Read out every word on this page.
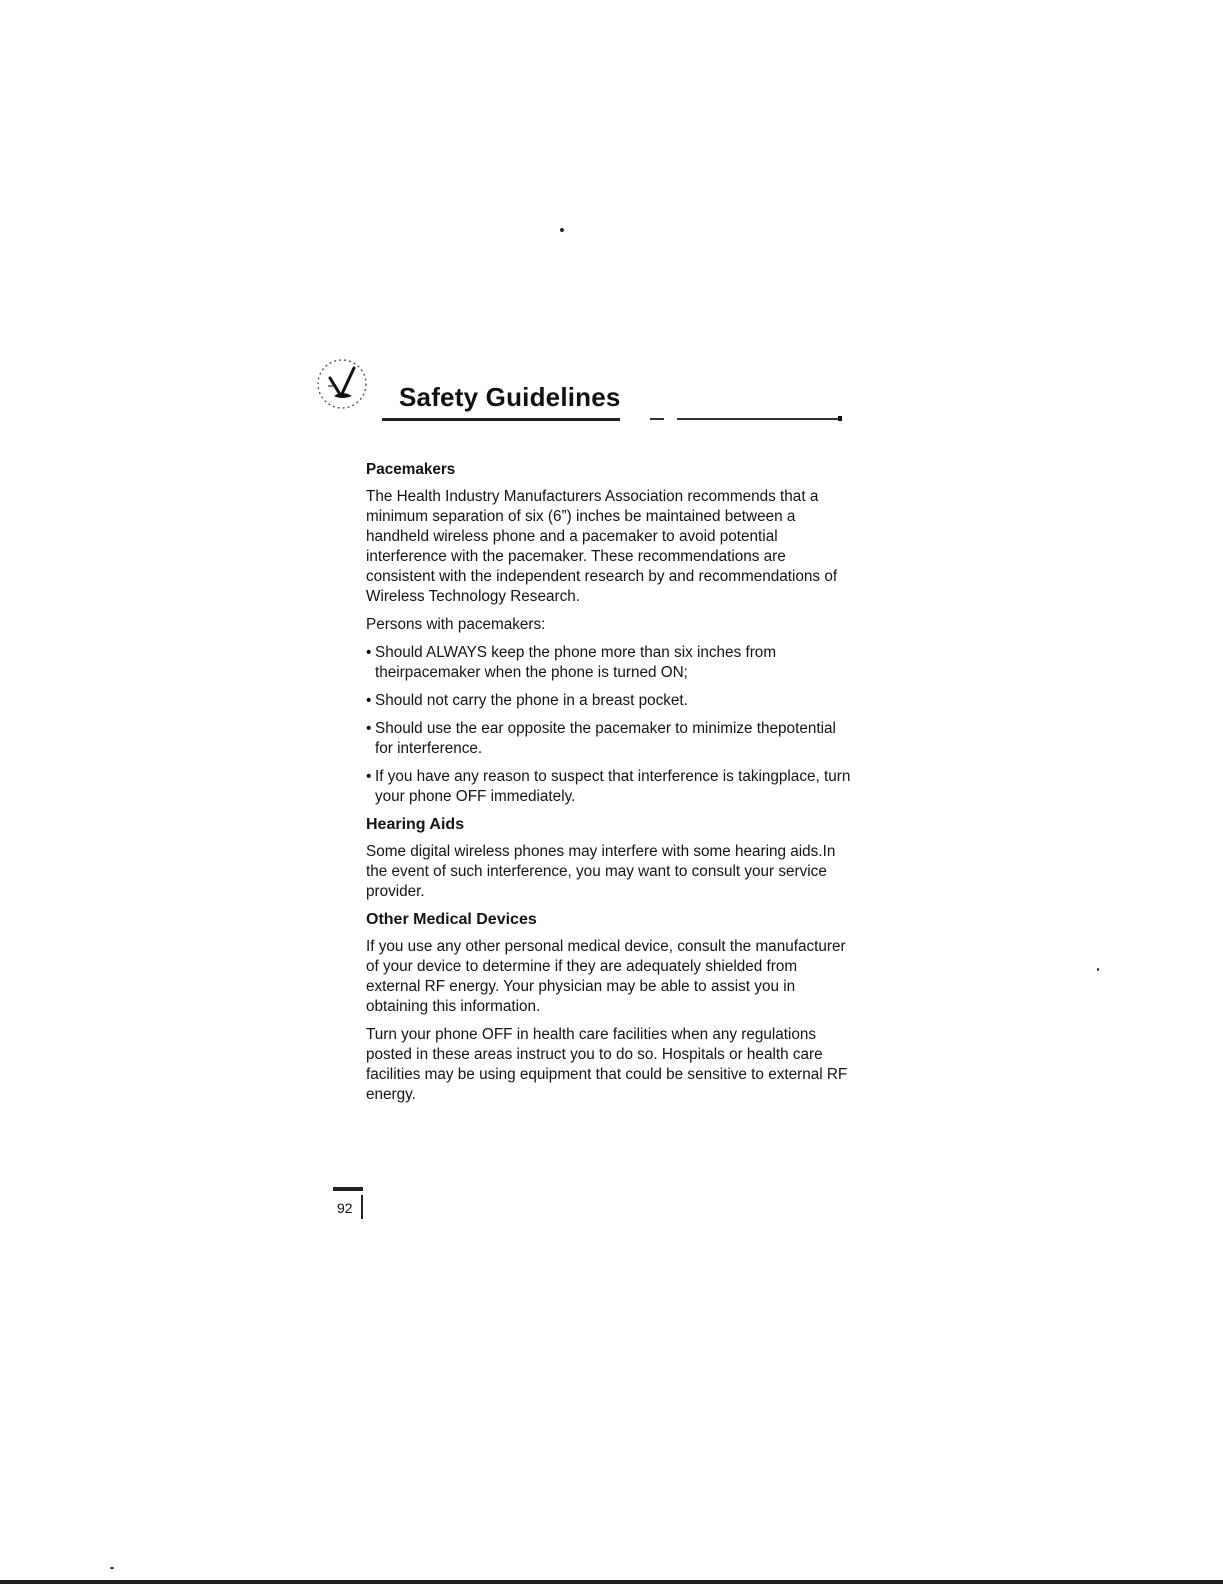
Safety Guidelines
Pacemakers

The Health Industry Manufacturers Association recommends that a minimum separation of six (6”) inches be maintained between a handheld wireless phone and a pacemaker to avoid potential interference with the pacemaker. These recommendations are consistent with the independent research by and recommendations of Wireless Technology Research.

Persons with pacemakers:

• Should ALWAYS keep the phone more than six inches from theirpacemaker when the phone is turned ON;
• Should not carry the phone in a breast pocket.
• Should use the ear opposite the pacemaker to minimize thepotential for interference.
• If you have any reason to suspect that interference is takingplace, turn your phone OFF immediately.
Hearing Aids

Some digital wireless phones may interfere with some hearing aids.In the event of such interference, you may want to consult your service provider.

Other Medical Devices

If you use any other personal medical device, consult the manufacturer of your device to determine if they are adequately shielded from external RF energy. Your physician may be able to assist you in obtaining this information.

Turn your phone OFF in health care facilities when any regulations posted in these areas instruct you to do so. Hospitals or health care facilities may be using equipment that could be sensitive to external RF energy.

92
